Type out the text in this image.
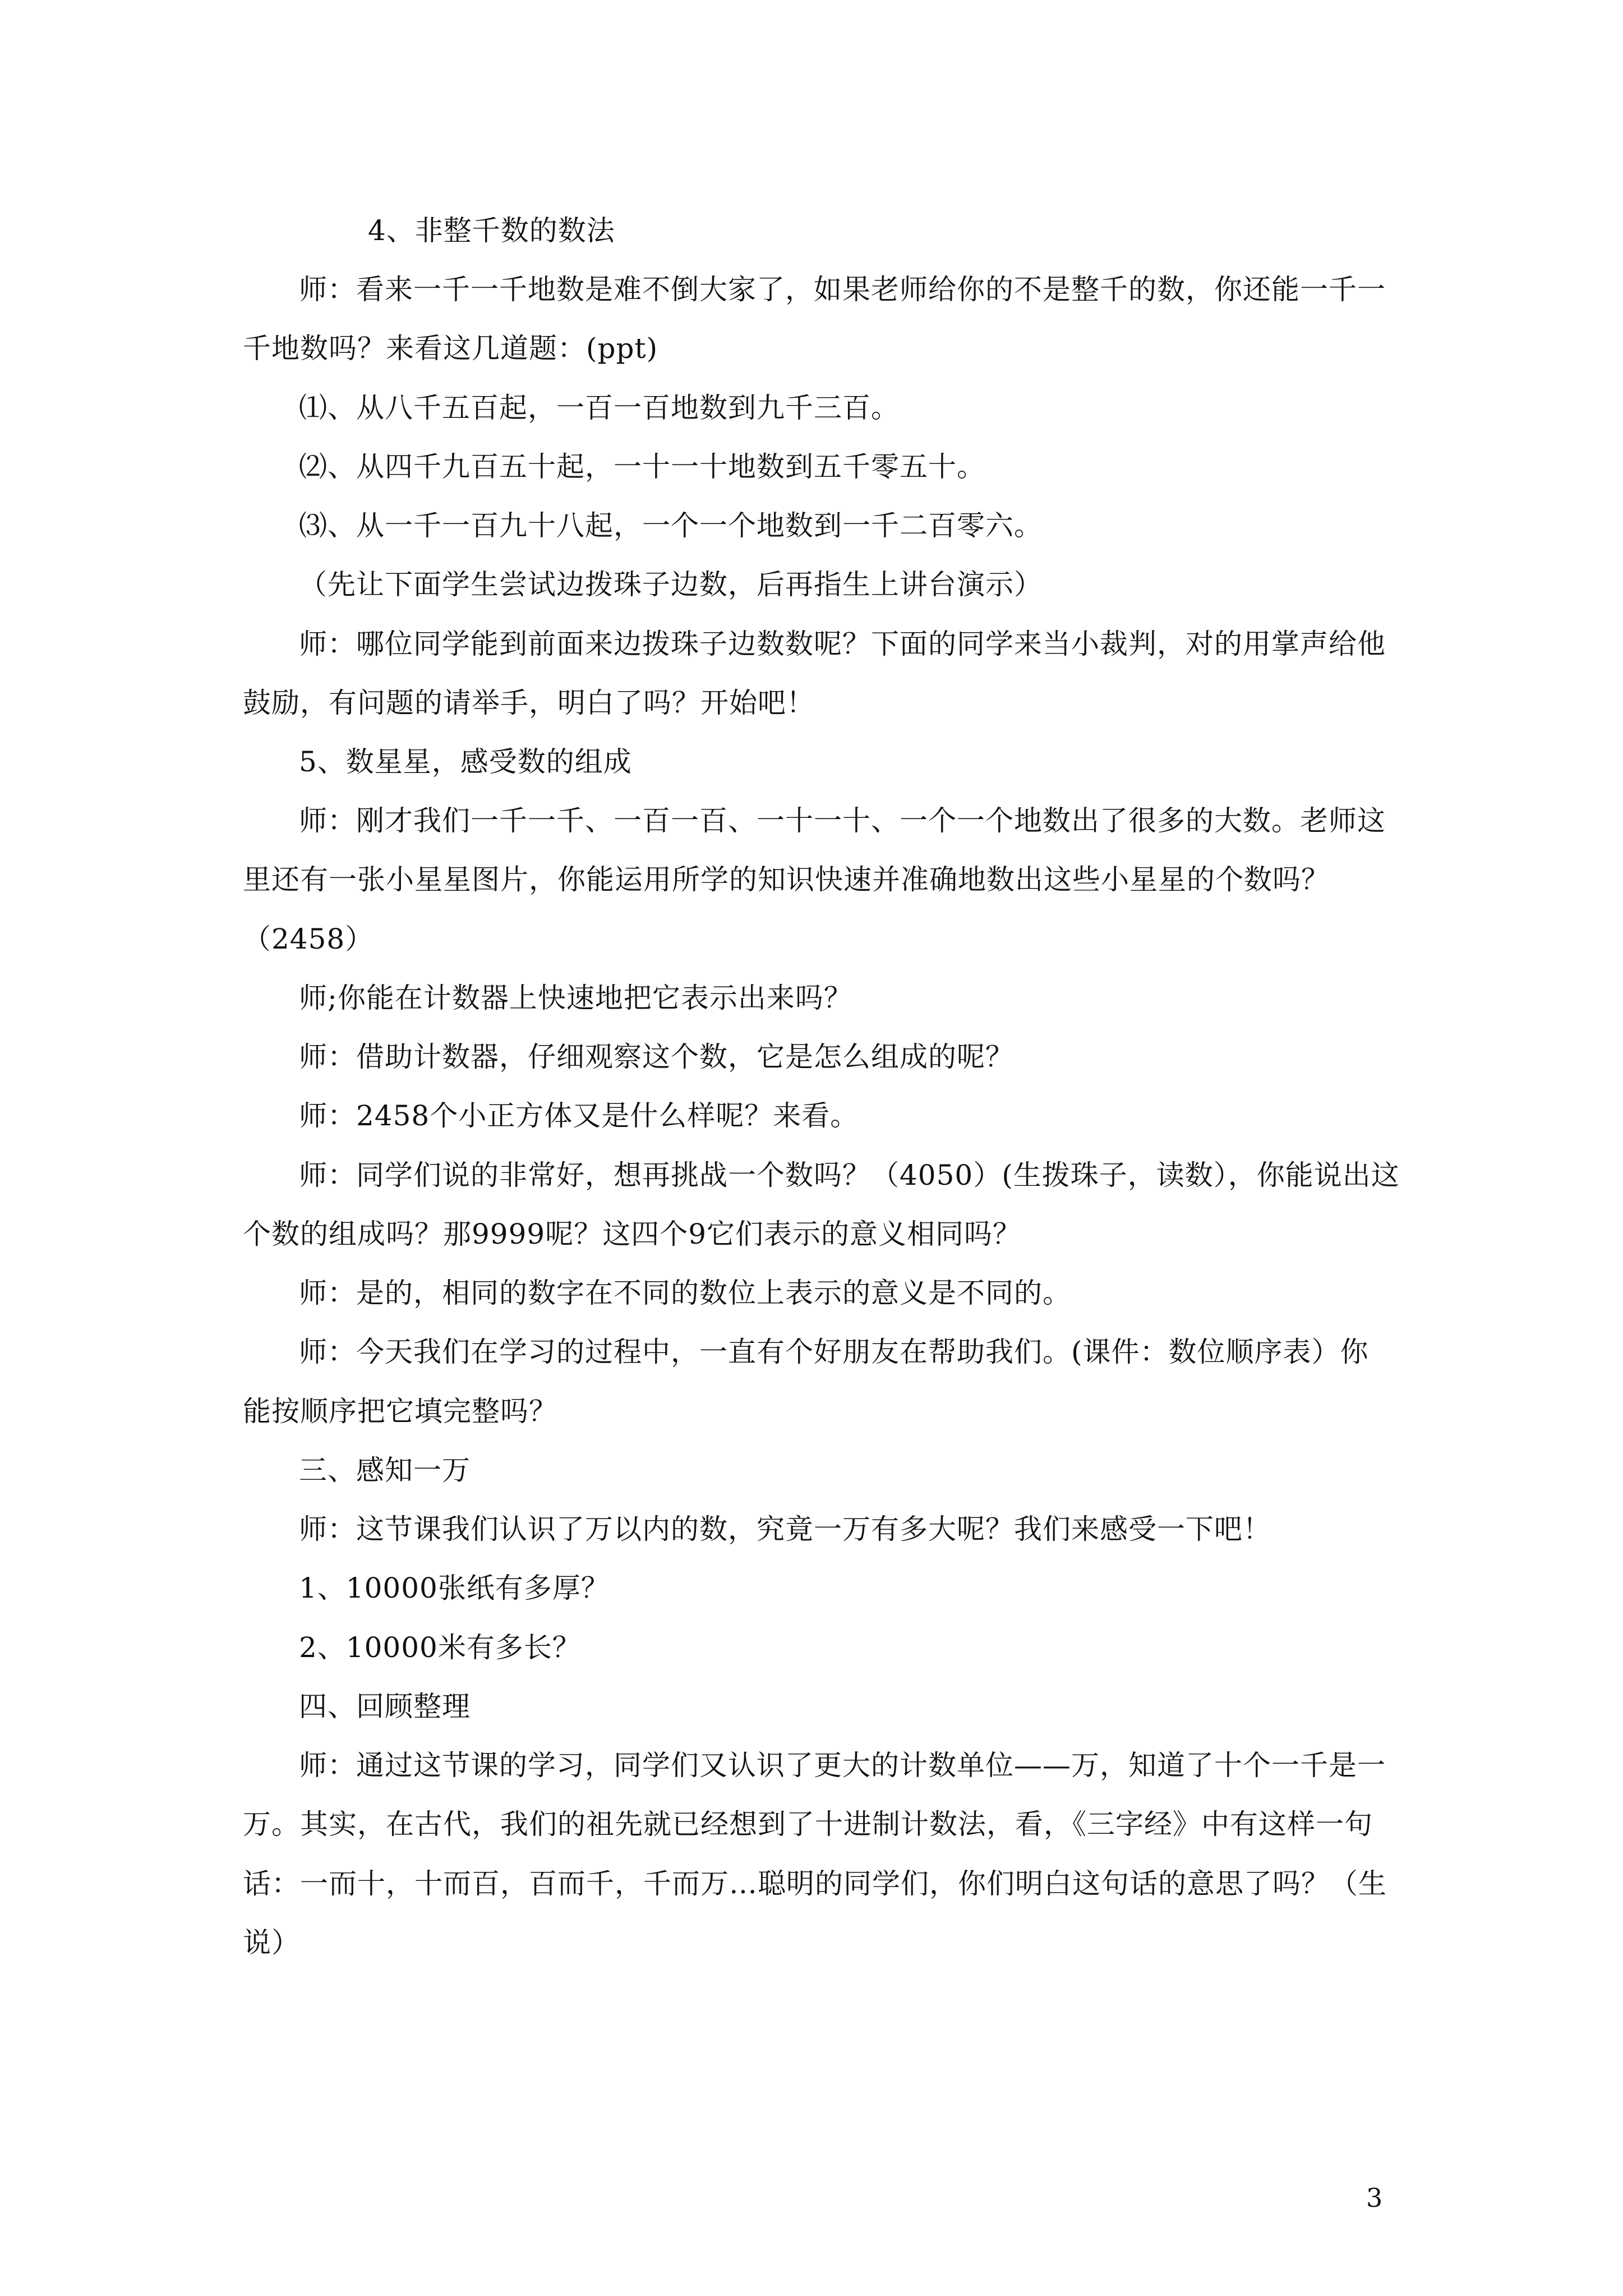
4、非整千数的数法
师：看来一千一千地数是难不倒大家了，如果老师给你的不是整千的数，你还能一千一
千地数吗？来看这几道题：(ppt)
⑴、从八千五百起，一百一百地数到九千三百。
⑵、从四千九百五十起，一十一十地数到五千零五十。
⑶、从一千一百九十八起，一个一个地数到一千二百零六。
（先让下面学生尝试边拨珠子边数，后再指生上讲台演示）
师：哪位同学能到前面来边拨珠子边数数呢？下面的同学来当小裁判，对的用掌声给他
鼓励，有问题的请举手，明白了吗？开始吧！
5、数星星，感受数的组成
师：刚才我们一千一千、一百一百、一十一十、一个一个地数出了很多的大数。老师这
里还有一张小星星图片，你能运用所学的知识快速并准确地数出这些小星星的个数吗？
（2458）
师;你能在计数器上快速地把它表示出来吗？
师：借助计数器，仔细观察这个数，它是怎么组成的呢？
师：2458个小正方体又是什么样呢？来看。
师：同学们说的非常好，想再挑战一个数吗？（4050）(生拨珠子，读数），你能说出这
个数的组成吗？那9999呢？这四个9它们表示的意义相同吗？
师：是的，相同的数字在不同的数位上表示的意义是不同的。
师：今天我们在学习的过程中，一直有个好朋友在帮助我们。(课件：数位顺序表）你
能按顺序把它填完整吗？
三、感知一万
师：这节课我们认识了万以内的数，究竟一万有多大呢？我们来感受一下吧！
1、10000张纸有多厚？
2、10000米有多长？
四、回顾整理
师：通过这节课的学习，同学们又认识了更大的计数单位——万，知道了十个一千是一
万。其实，在古代，我们的祖先就已经想到了十进制计数法，看，《三字经》中有这样一句
话：一而十，十而百，百而千，千而万…聪明的同学们，你们明白这句话的意思了吗？（生
说）
3
